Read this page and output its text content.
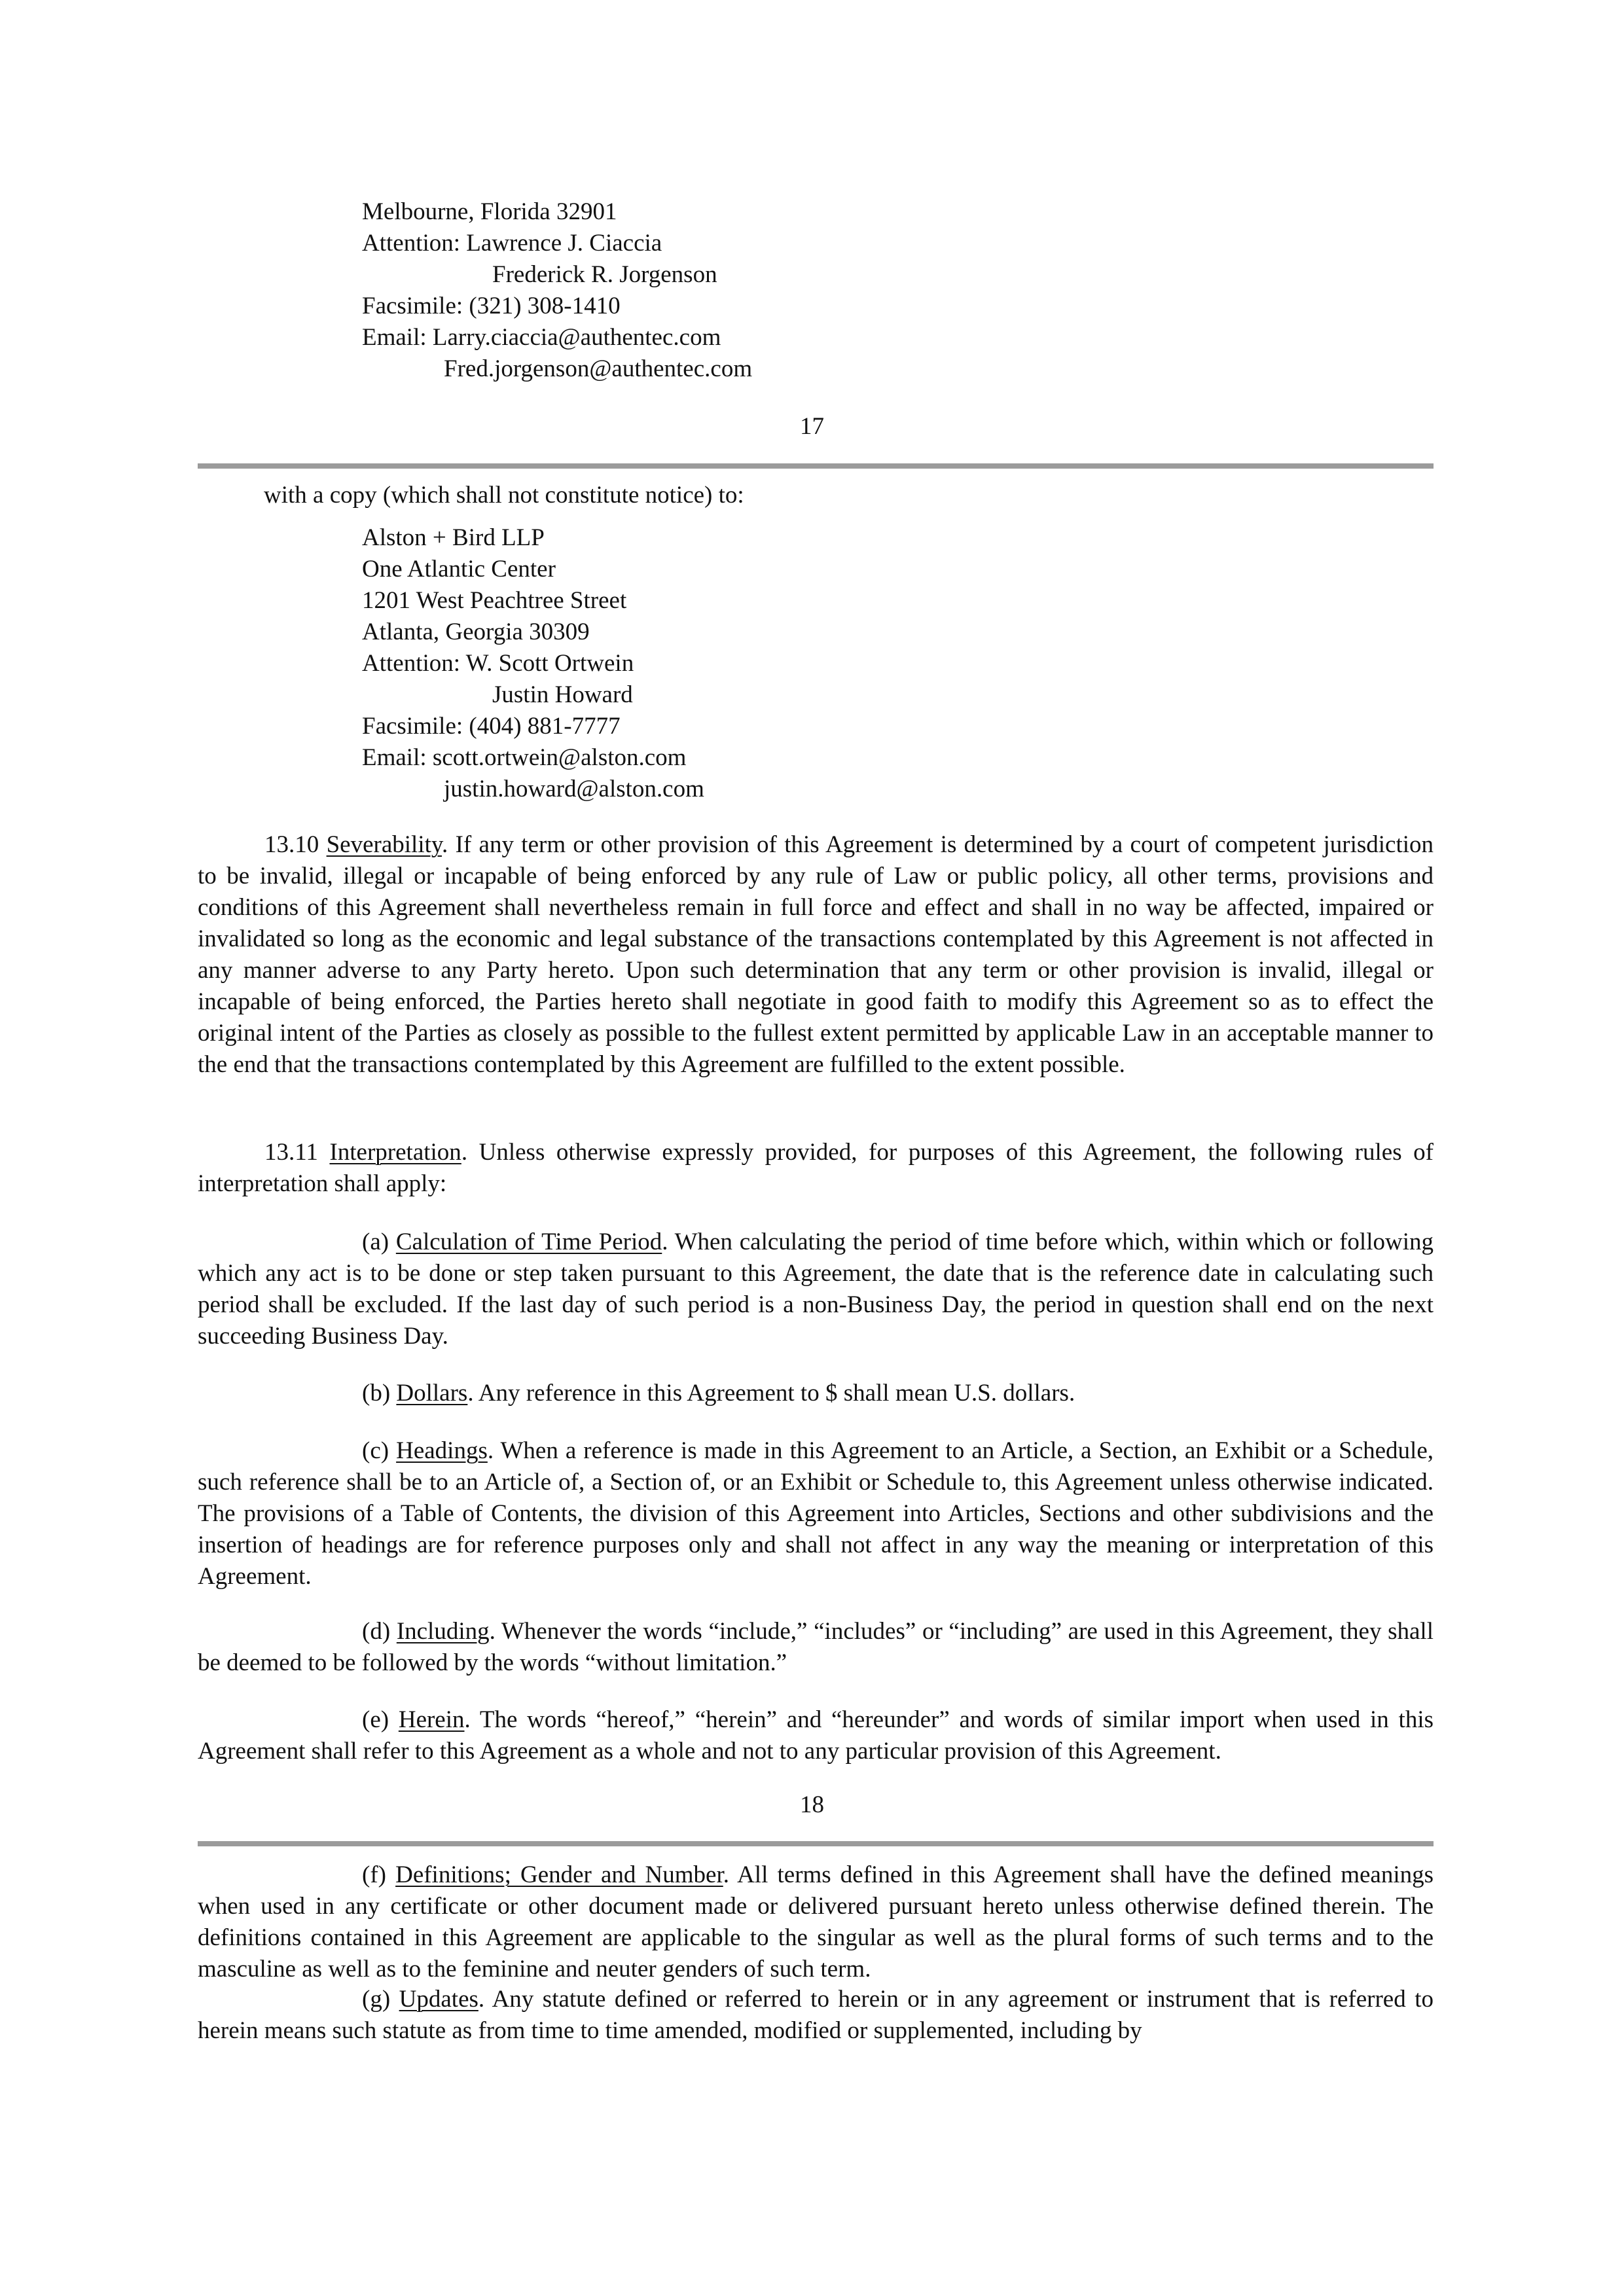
Melbourne, Florida 32901
Attention: Lawrence J. Ciaccia
Frederick R. Jorgenson
Facsimile: (321) 308-1410
Email: Larry.ciaccia@authentec.com
Fred.jorgenson@authentec.com
17
with a copy (which shall not constitute notice) to:
Alston + Bird LLP
One Atlantic Center
1201 West Peachtree Street
Atlanta, Georgia 30309
Attention: W. Scott Ortwein
Justin Howard
Facsimile: (404) 881-7777
Email: scott.ortwein@alston.com
justin.howard@alston.com

13.10 Severability. If any term or other provision of this Agreement is determined by a court of competent jurisdiction to be invalid, illegal or incapable of being enforced by any rule of Law or public policy, all other terms, provisions and conditions of this Agreement shall nevertheless remain in full force and effect and shall in no way be affected, impaired or invalidated so long as the economic and legal substance of the transactions contemplated by this Agreement is not affected in any manner adverse to any Party hereto. Upon such determination that any term or other provision is invalid, illegal or incapable of being enforced, the Parties hereto shall negotiate in good faith to modify this Agreement so as to effect the original intent of the Parties as closely as possible to the fullest extent permitted by applicable Law in an acceptable manner to the end that the transactions contemplated by this Agreement are fulfilled to the extent possible.

13.11 Interpretation. Unless otherwise expressly provided, for purposes of this Agreement, the following rules of interpretation shall apply:

(a) Calculation of Time Period. When calculating the period of time before which, within which or following which any act is to be done or step taken pursuant to this Agreement, the date that is the reference date in calculating such period shall be excluded. If the last day of such period is a non-Business Day, the period in question shall end on the next succeeding Business Day.

(b) Dollars. Any reference in this Agreement to $ shall mean U.S. dollars.

(c) Headings. When a reference is made in this Agreement to an Article, a Section, an Exhibit or a Schedule, such reference shall be to an Article of, a Section of, or an Exhibit or Schedule to, this Agreement unless otherwise indicated. The provisions of a Table of Contents, the division of this Agreement into Articles, Sections and other subdivisions and the insertion of headings are for reference purposes only and shall not affect in any way the meaning or interpretation of this Agreement.

(d) Including. Whenever the words “include,” “includes” or “including” are used in this Agreement, they shall be deemed to be followed by the words “without limitation.”

(e) Herein. The words “hereof,” “herein” and “hereunder” and words of similar import when used in this Agreement shall refer to this Agreement as a whole and not to any particular provision of this Agreement.

18

(f) Definitions; Gender and Number. All terms defined in this Agreement shall have the defined meanings when used in any certificate or other document made or delivered pursuant hereto unless otherwise defined therein. The definitions contained in this Agreement are applicable to the singular as well as the plural forms of such terms and to the masculine as well as to the feminine and neuter genders of such term.

(g) Updates. Any statute defined or referred to herein or in any agreement or instrument that is referred to herein means such statute as from time to time amended, modified or supplemented, including by
